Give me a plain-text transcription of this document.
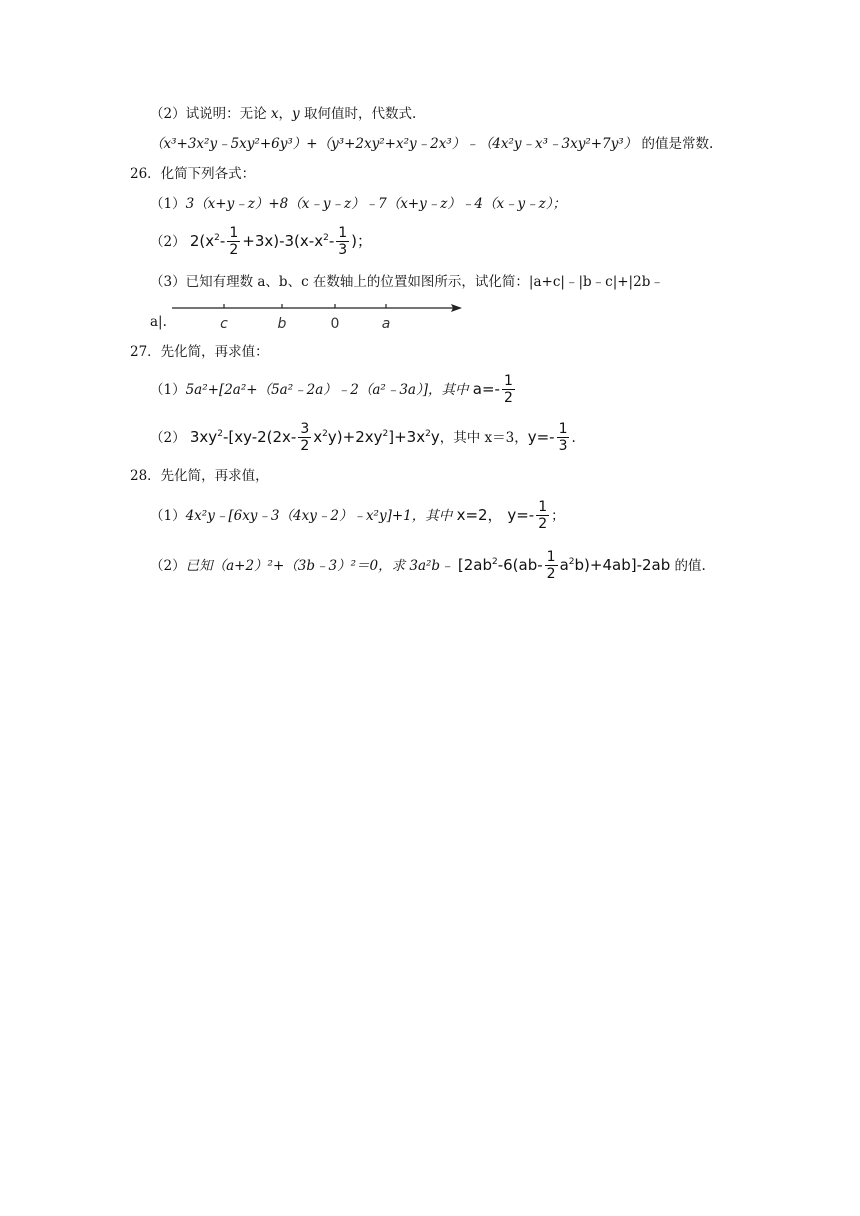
（2）试说明：无论 x，y 取何值时，代数式.
（x³+3x²y﹣5xy²+6y³）+（y³+2xy²+x²y﹣2x³）﹣（4x²y﹣x³﹣3xy²+7y³） 的值是常数.
26．化简下列各式：
（1）3（x+y﹣z）+8（x﹣y﹣z）﹣7（x+y﹣z）﹣4（x﹣y﹣z）；
（2） $2(x^2- \frac{1}{2} +3x)-3(x-x^2- \frac{1}{3}$ )；
（3）已知有理数 a、b、c 在数轴上的位置如图所示，试化简：|a+c|﹣|b﹣c|+|2b﹣
a|.	c	b	0	a
27．先化简，再求值：
（1）5a²+[2a²+（5a²﹣2a）﹣2（a²﹣3a）]，其中 $a=- \frac{1}{2}$
（2） $3xy^2-[xy-2(2x- \frac{3}{2} x^2y)+2xy^2]+3x^2y$，其中 x＝3，$y=- \frac{1}{3}$ .
28．先化简，再求值，
（1）4x²y﹣[6xy﹣3（4xy﹣2）﹣x²y]+1，其中 x=2， $y=- \frac{1}{2}$ ；
（2）已知（a+2）²+（3b﹣3）²＝0，求 3a²b﹣ $[2ab^2-6(ab- \frac{1}{2} a^2b)+4ab]-2ab$ 的值.
